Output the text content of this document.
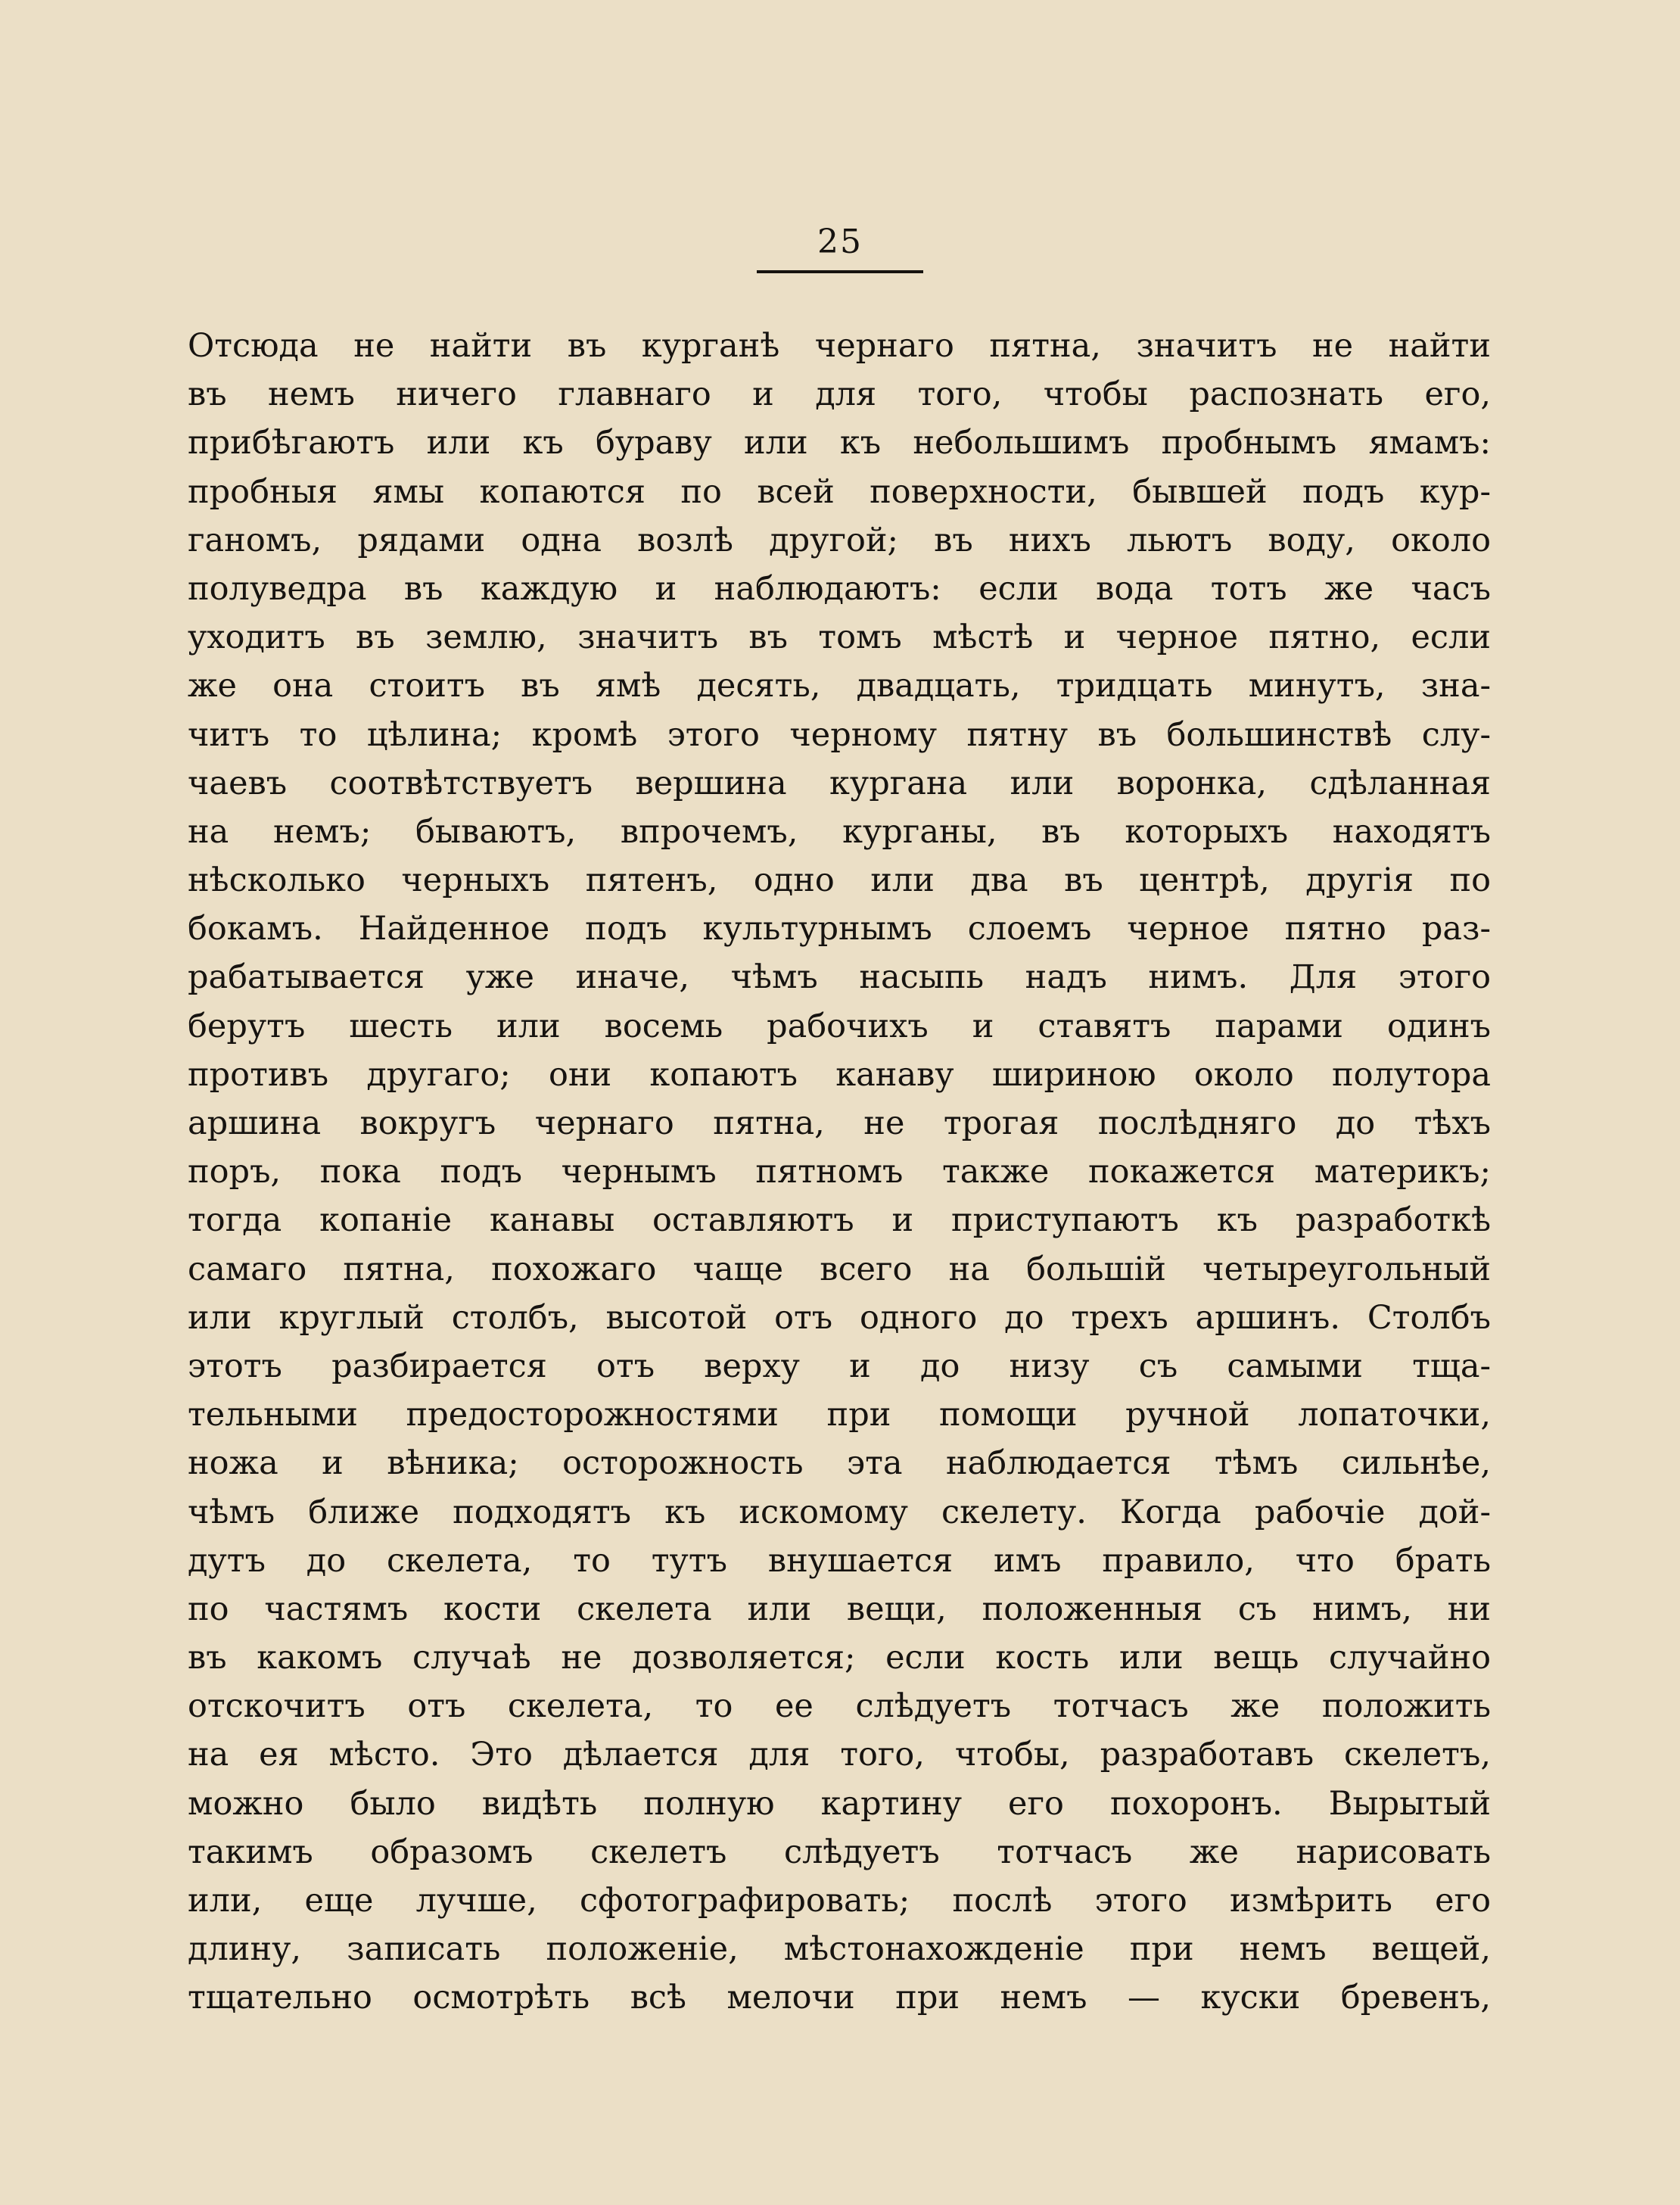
25
Отсюда не найти въ курганѣ чернаго пятна, значитъ не найти
въ немъ ничего главнаго и для того, чтобы распознать его,
прибѣгаютъ или къ бураву или къ небольшимъ пробнымъ ямамъ:
пробныя ямы копаются по всей поверхности, бывшей подъ кур-
ганомъ, рядами одна возлѣ другой; въ нихъ льютъ воду, около
полуведра въ каждую и наблюдаютъ: если вода тотъ же часъ
уходитъ въ землю, значитъ въ томъ мѣстѣ и черное пятно, если
же она стоитъ въ ямѣ десять, двадцать, тридцать минутъ, зна-
читъ то цѣлина; кромѣ этого черному пятну въ большинствѣ слу-
чаевъ соотвѣтствуетъ вершина кургана или воронка, сдѣланная
на немъ; бываютъ, впрочемъ, курганы, въ которыхъ находятъ
нѣсколько черныхъ пятенъ, одно или два въ центрѣ, другія по
бокамъ. Найденное подъ культурнымъ слоемъ черное пятно раз-
рабатывается уже иначе, чѣмъ насыпь надъ нимъ. Для этого
берутъ шесть или восемь рабочихъ и ставятъ парами одинъ
противъ другаго; они копаютъ канаву шириною около полутора
аршина вокругъ чернаго пятна, не трогая послѣдняго до тѣхъ
поръ, пока подъ чернымъ пятномъ также покажется материкъ;
тогда копаніе канавы оставляютъ и приступаютъ къ разработкѣ
самаго пятна, похожаго чаще всего на большій четыреугольный
или круглый столбъ, высотой отъ одного до трехъ аршинъ. Столбъ
этотъ разбирается отъ верху и до низу съ самыми тща-
тельными предосторожностями при помощи ручной лопаточки,
ножа и вѣника; осторожность эта наблюдается тѣмъ сильнѣе,
чѣмъ ближе подходятъ къ искомому скелету. Когда рабочіе дой-
дутъ до скелета, то тутъ внушается имъ правило, что брать
по частямъ кости скелета или вещи, положенныя съ нимъ, ни
въ какомъ случаѣ не дозволяется; если кость или вещь случайно
отскочитъ отъ скелета, то ее слѣдуетъ тотчасъ же положить
на ея мѣсто. Это дѣлается для того, чтобы, разработавъ скелетъ,
можно было видѣть полную картину его похоронъ. Вырытый
такимъ образомъ скелетъ слѣдуетъ тотчасъ же нарисовать
или, еще лучше, сфотографировать; послѣ этого измѣрить его
длину, записать положеніе, мѣстонахожденіе при немъ вещей,
тщательно осмотрѣть всѣ мелочи при немъ — куски бревенъ,
